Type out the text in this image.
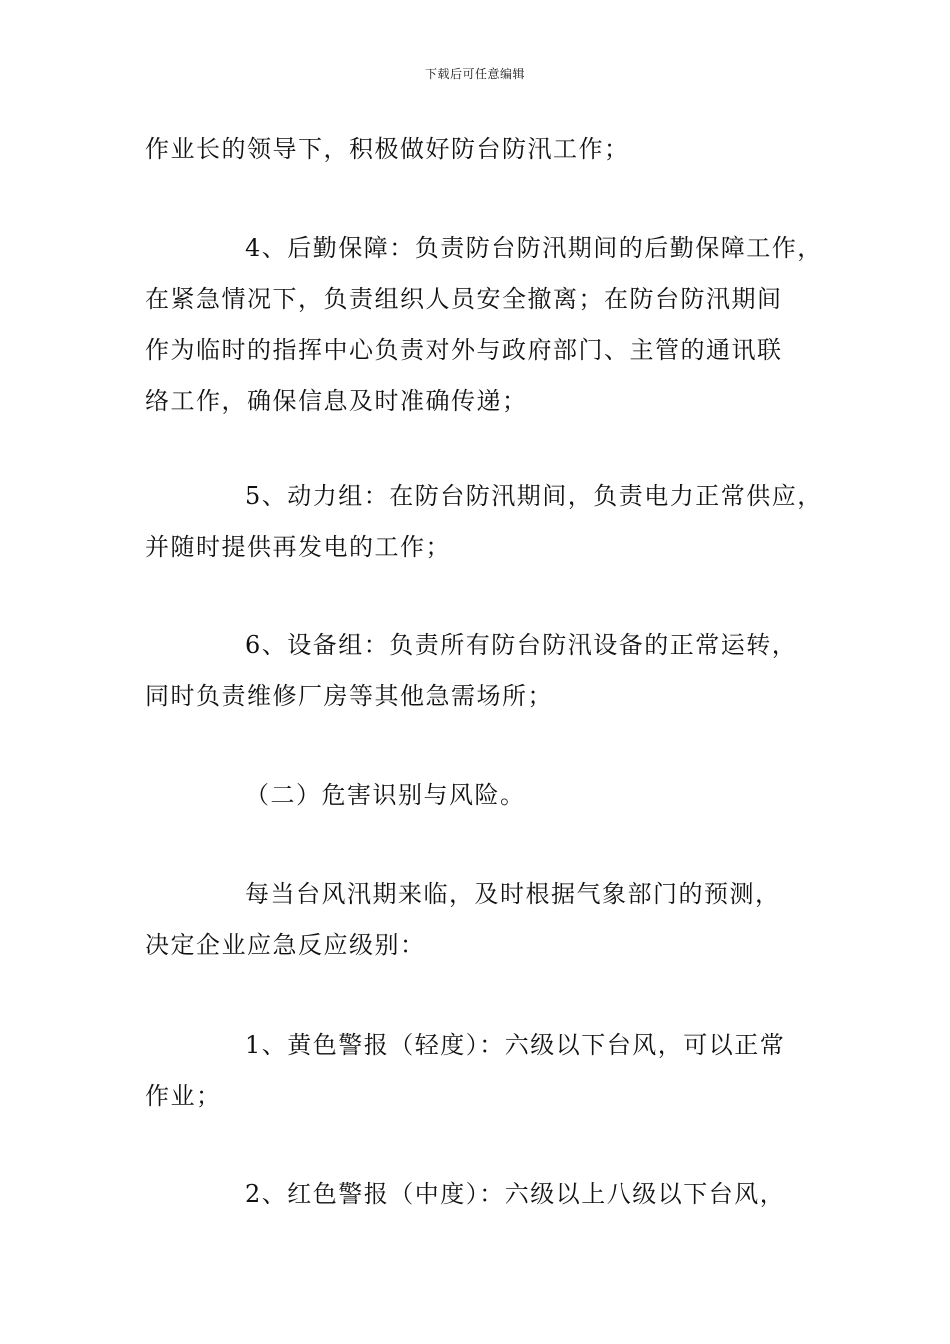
下载后可任意编辑
作业长的领导下，积极做好防台防汛工作；
4、后勤保障：负责防台防汛期间的后勤保障工作，
在紧急情况下，负责组织人员安全撤离；在防台防汛期间
作为临时的指挥中心负责对外与政府部门、主管的通讯联
络工作，确保信息及时准确传递；
5、动力组：在防台防汛期间，负责电力正常供应，
并随时提供再发电的工作；
6、设备组：负责所有防台防汛设备的正常运转，
同时负责维修厂房等其他急需场所；
（二）危害识别与风险。
每当台风汛期来临，及时根据气象部门的预测，
决定企业应急反应级别：
1、黄色警报（轻度）：六级以下台风，可以正常
作业；
2、红色警报（中度）：六级以上八级以下台风，
